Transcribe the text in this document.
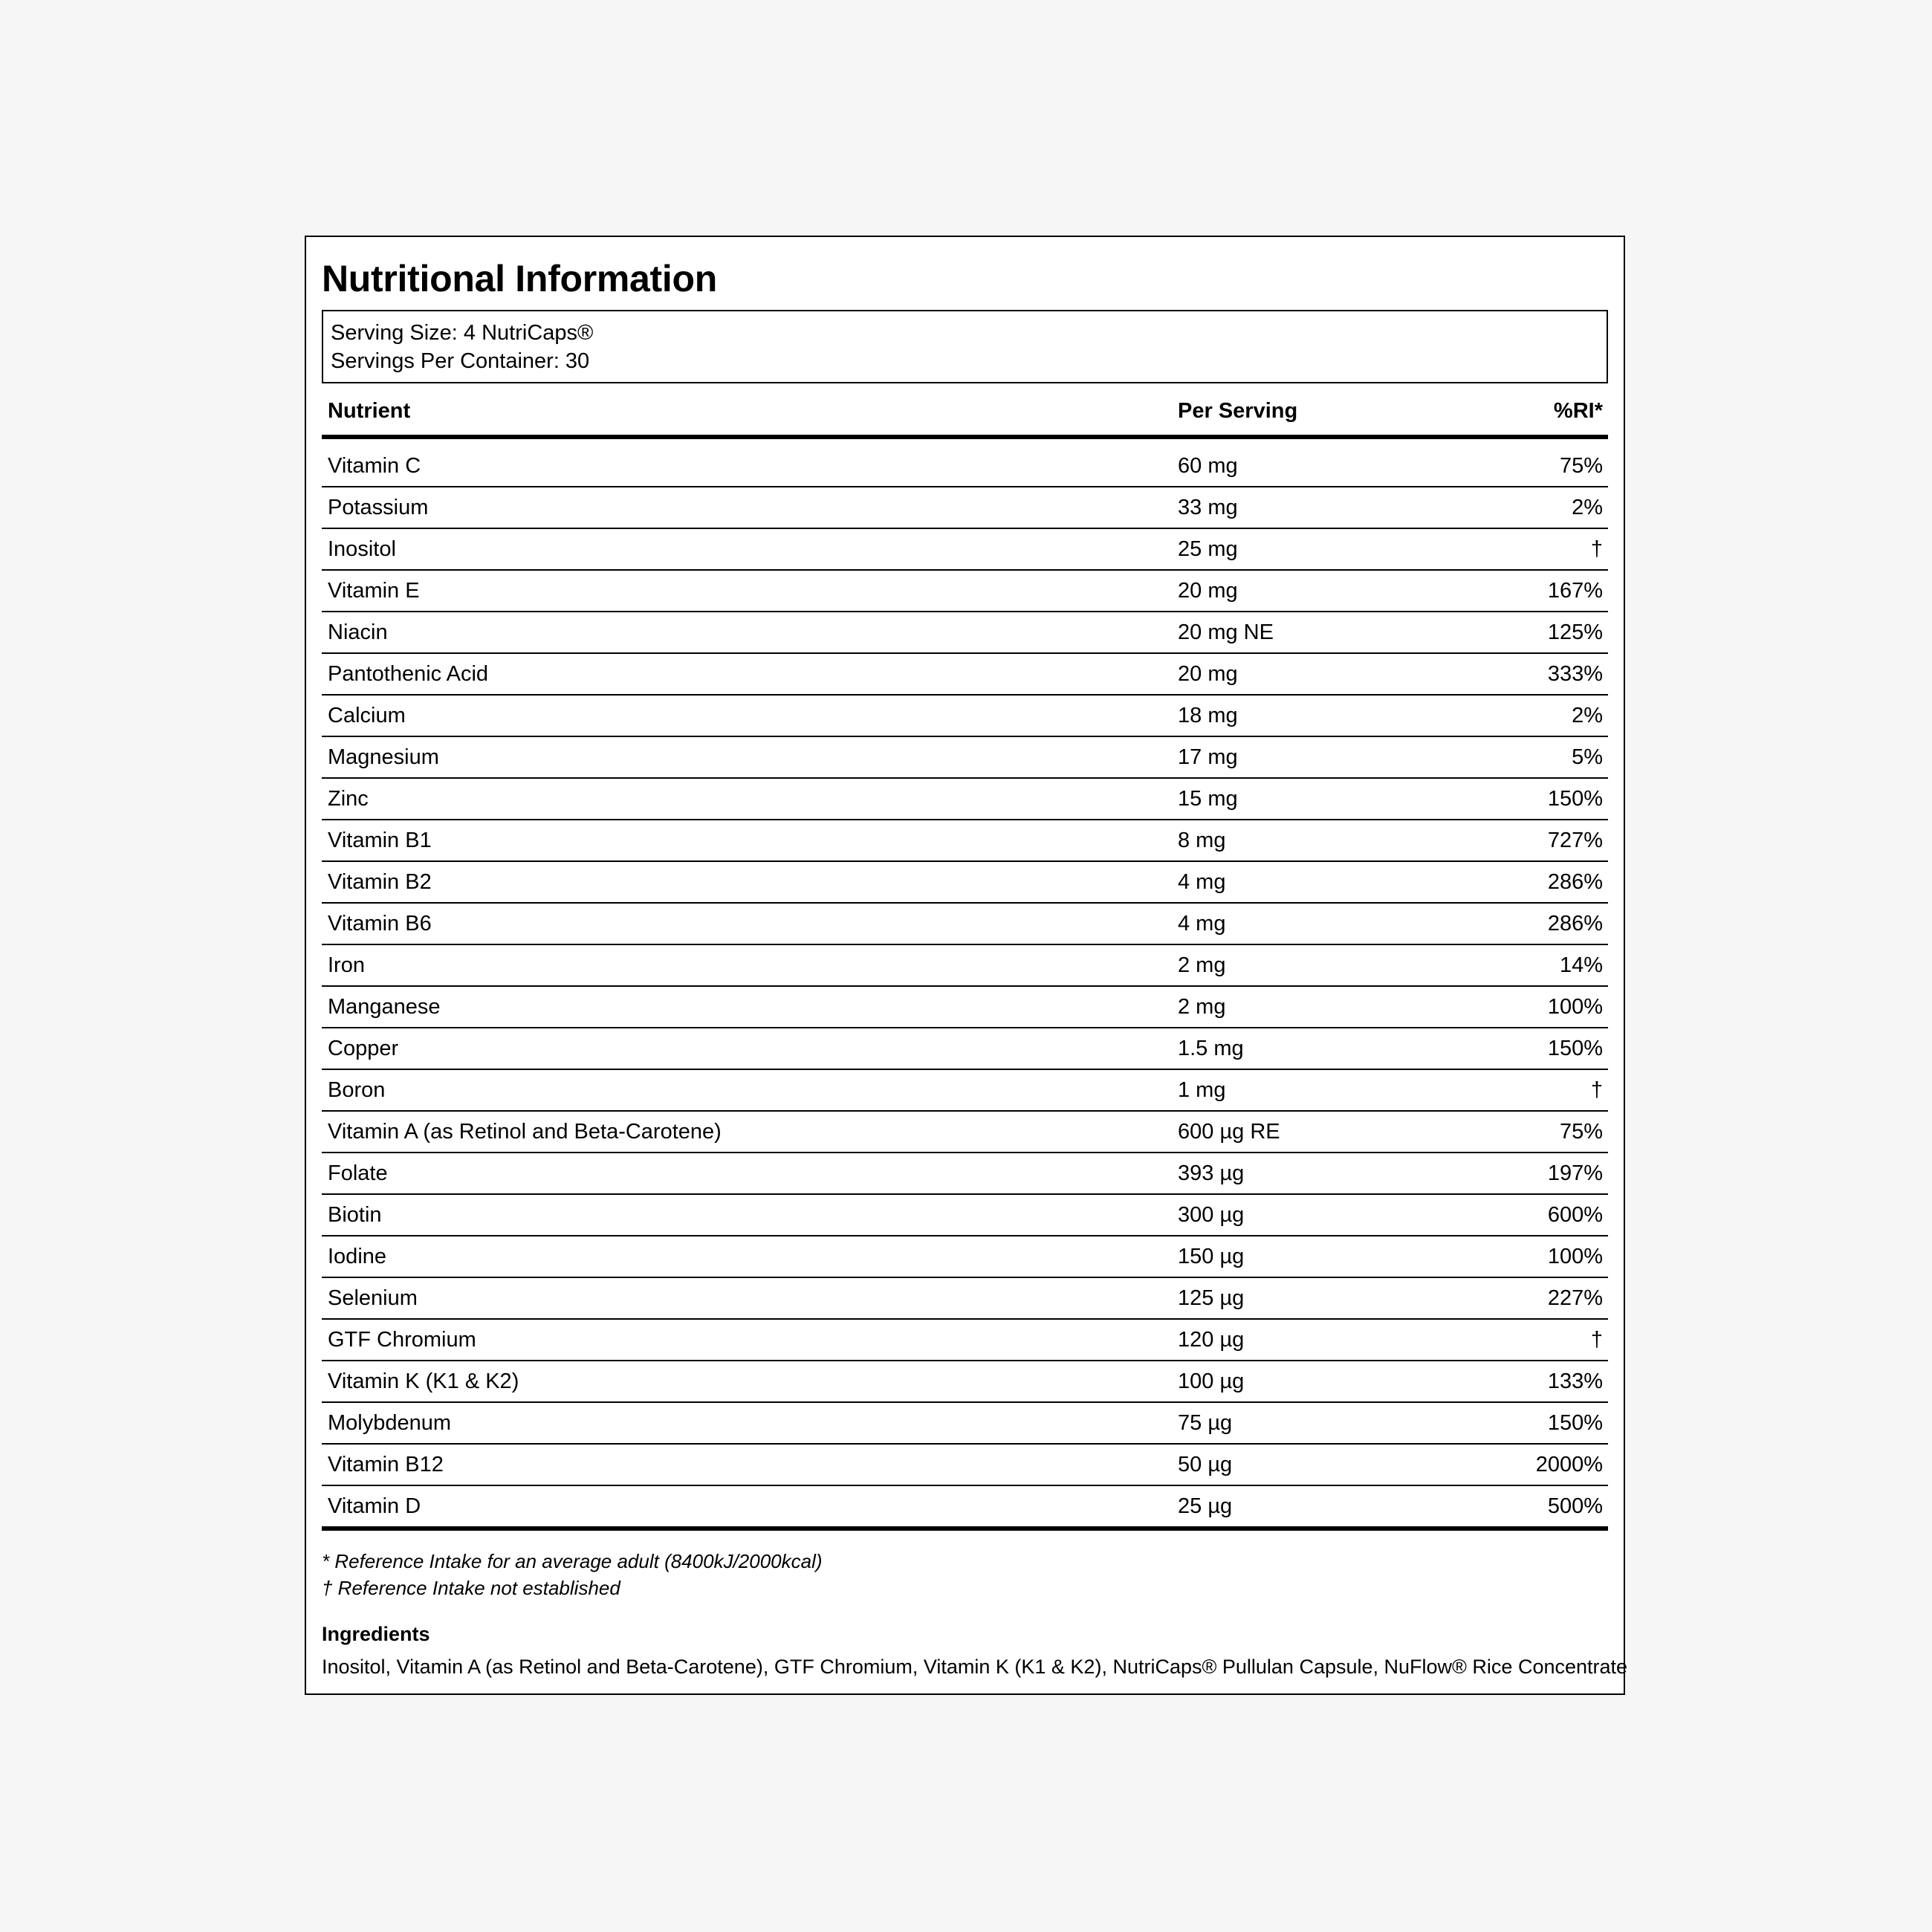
Nutritional Information
Serving Size: 4 NutriCaps®
Servings Per Container: 30
Nutrient	Per Serving	%RI*
Vitamin C	60 mg	75%
Potassium	33 mg	2%
Inositol	25 mg	†
Vitamin E	20 mg	167%
Niacin	20 mg NE	125%
Pantothenic Acid	20 mg	333%
Calcium	18 mg	2%
Magnesium	17 mg	5%
Zinc	15 mg	150%
Vitamin B1	8 mg	727%
Vitamin B2	4 mg	286%
Vitamin B6	4 mg	286%
Iron	2 mg	14%
Manganese	2 mg	100%
Copper	1.5 mg	150%
Boron	1 mg	†
Vitamin A (as Retinol and Beta-Carotene)	600 µg RE	75%
Folate	393 µg	197%
Biotin	300 µg	600%
Iodine	150 µg	100%
Selenium	125 µg	227%
GTF Chromium	120 µg	†
Vitamin K (K1 & K2)	100 µg	133%
Molybdenum	75 µg	150%
Vitamin B12	50 µg	2000%
Vitamin D	25 µg	500%
* Reference Intake for an average adult (8400kJ/2000kcal)
† Reference Intake not established
Ingredients
Inositol, Vitamin A (as Retinol and Beta-Carotene), GTF Chromium, Vitamin K (K1 & K2), NutriCaps® Pullulan Capsule, NuFlow® Rice Concentrate
